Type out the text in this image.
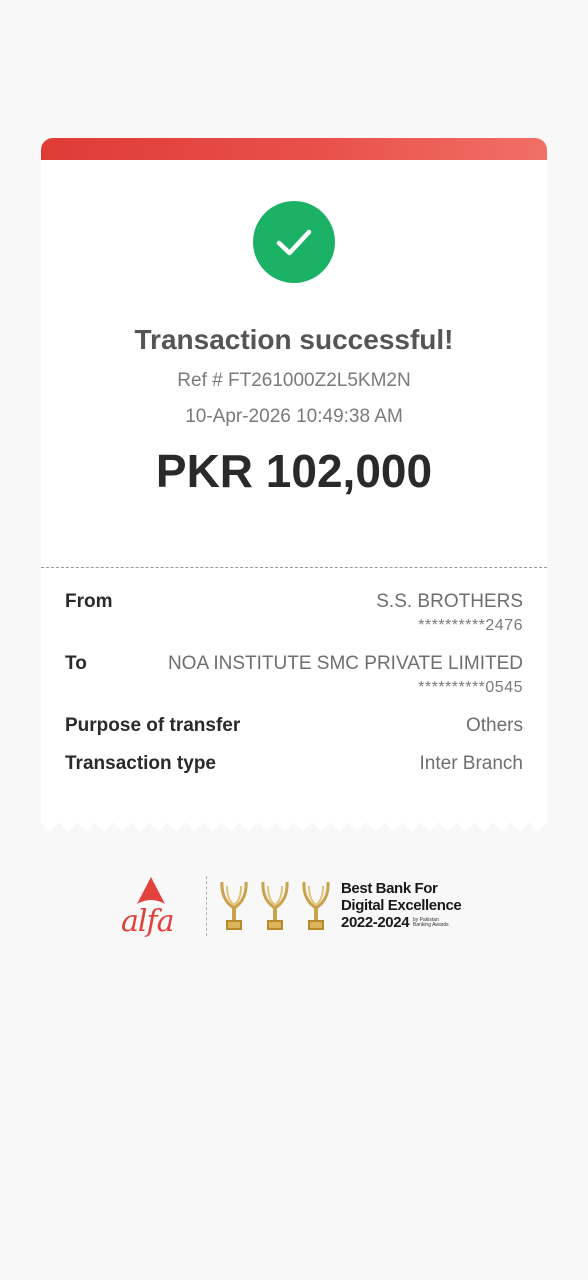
Transaction successful!
Ref # FT261000Z2L5KM2N
10-Apr-2026 10:49:38 AM
PKR 102,000
From	S.S. BROTHERS
**********2476
To	NOA INSTITUTE SMC PRIVATE LIMITED
**********0545
Purpose of transfer	Others
Transaction type	Inter Branch
alfa
Best Bank For
Digital Excellence
2022-2024 by Pakistan
Banking Awards
